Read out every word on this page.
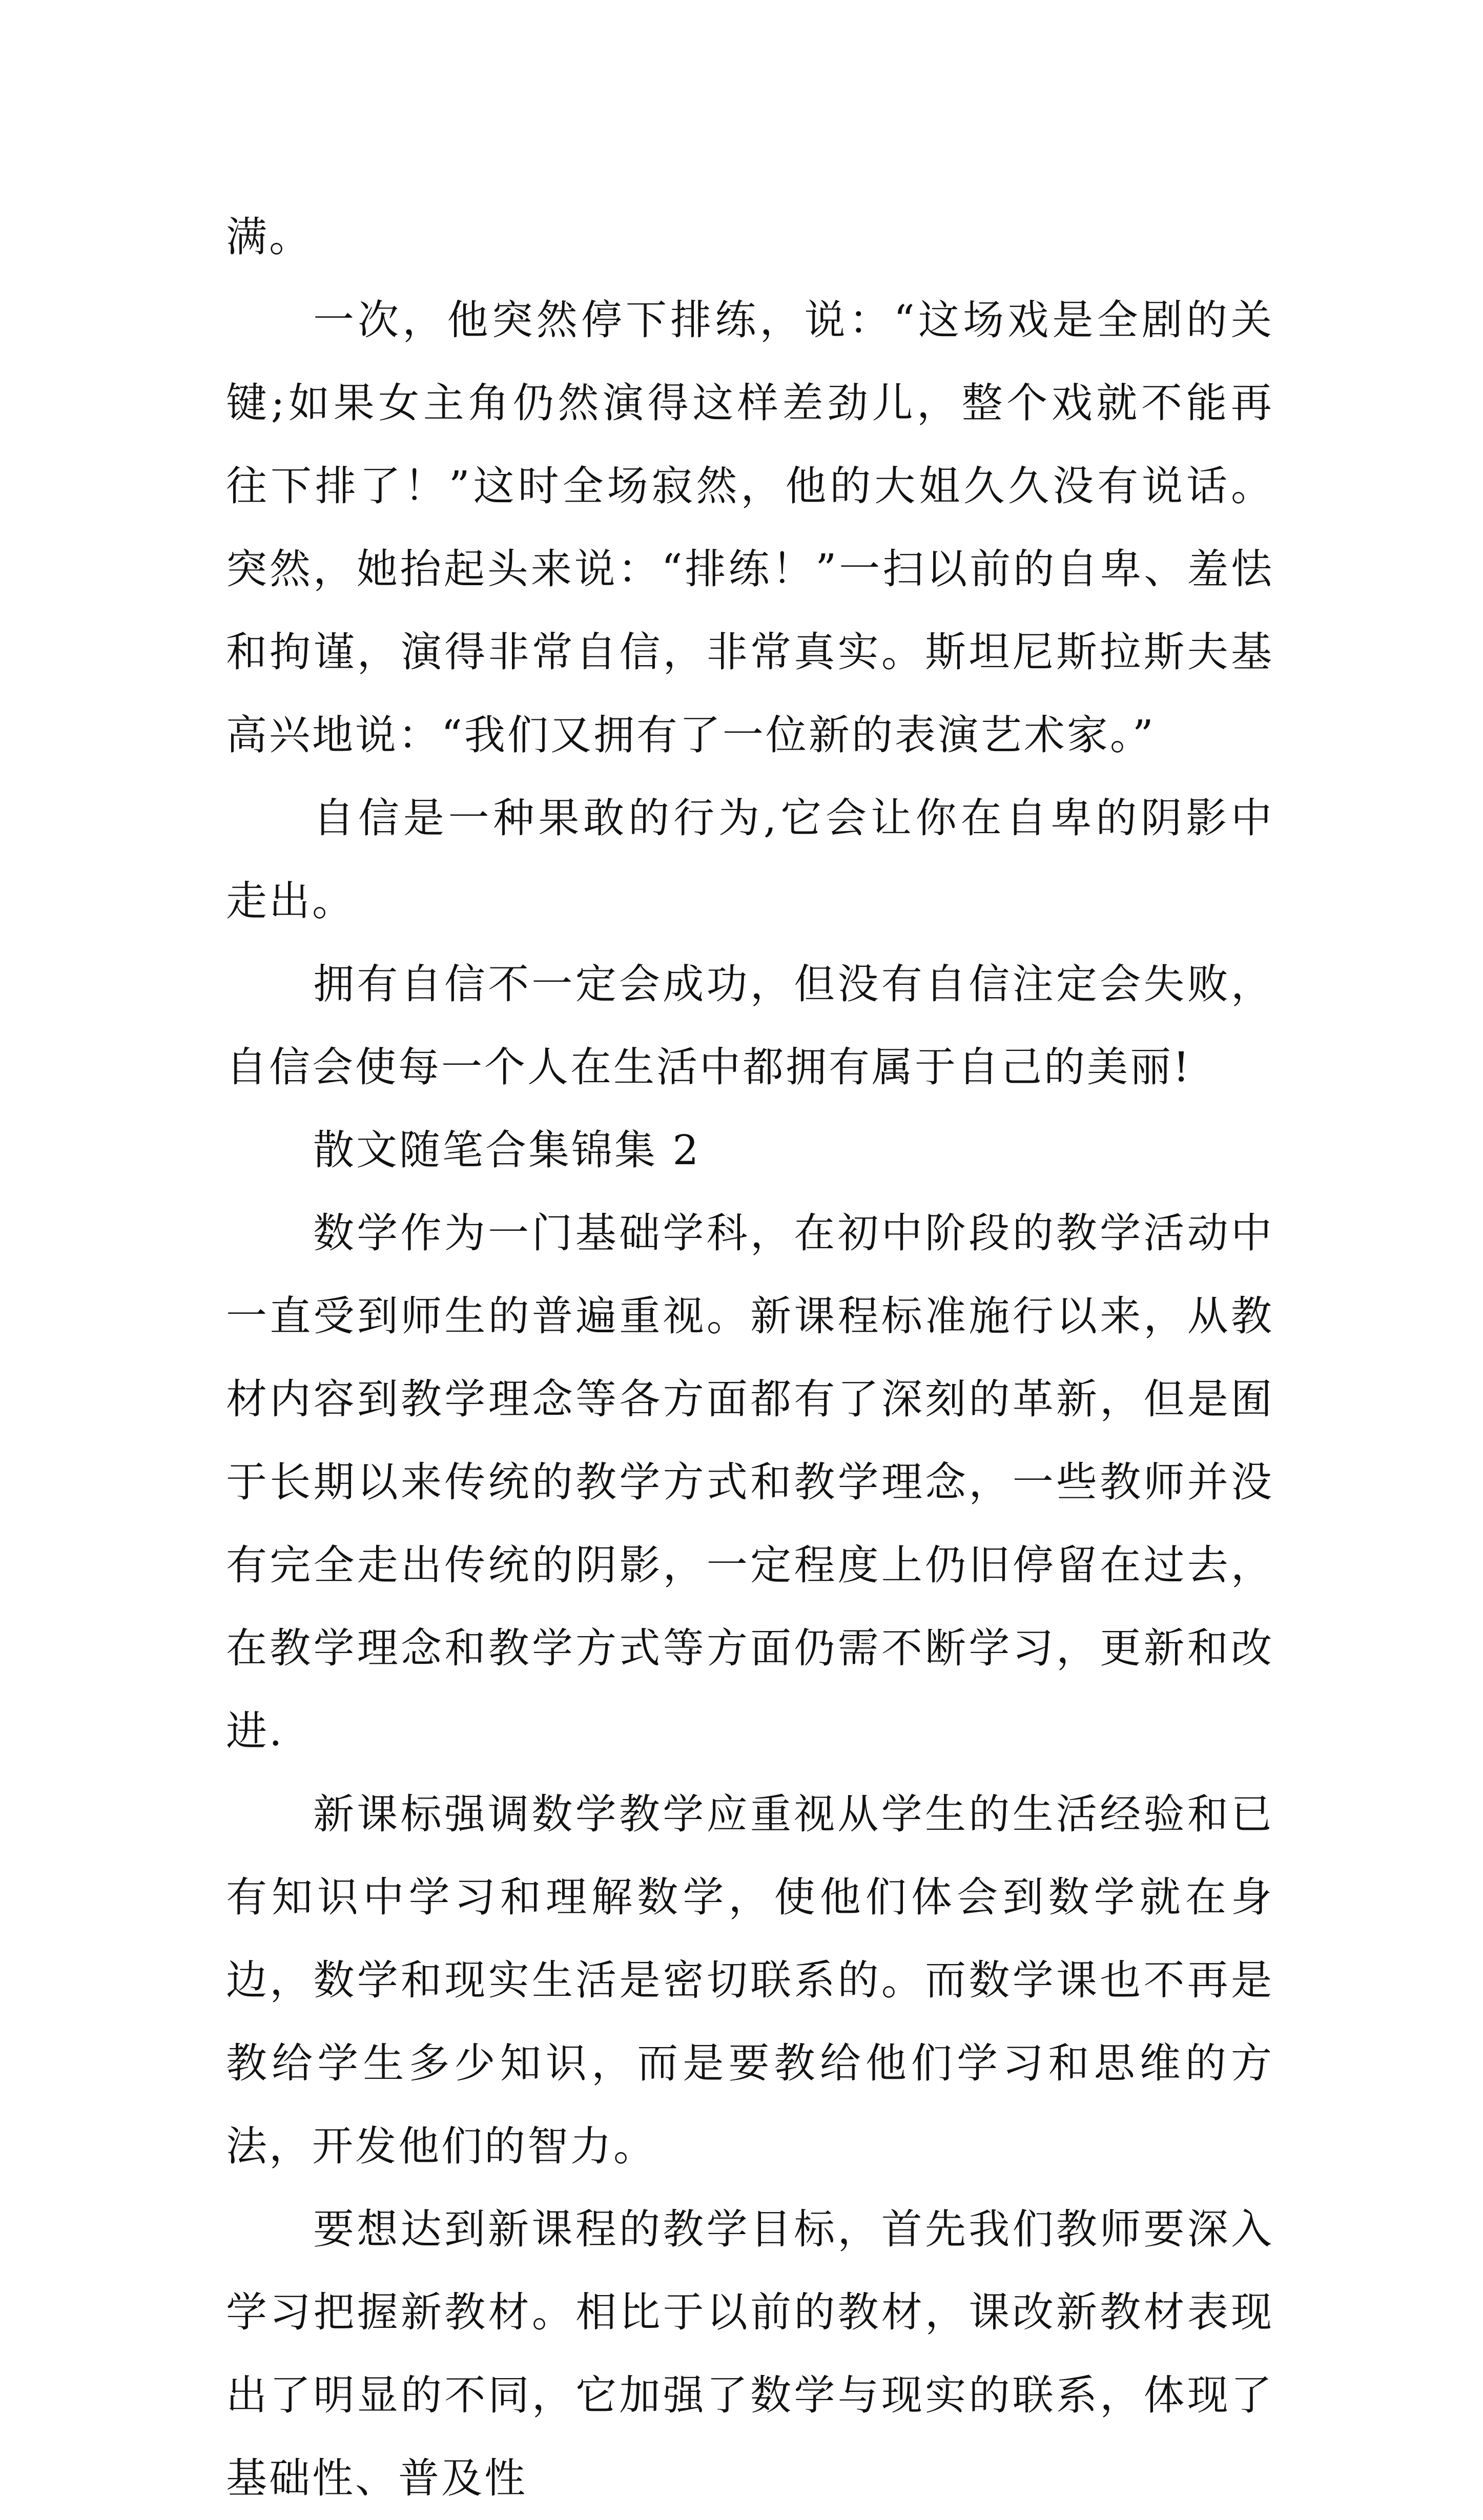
满。

一次，他突然停下排练，说：“这场戏是全剧的关键;如果女主角仍然演得这样差劲儿，整个戏就不能再往下排了！”这时全场寂然，他的大姐久久没有说话。突然，她抬起头来说：“排练！”一扫以前的自卑、羞怯和拘谨，演得非常自信，非常真实。斯坦尼斯拉斯夫基高兴地说：“我们又拥有了一位新的表演艺术家。”

自信是一种果敢的行为,它会让你在自卑的阴影中走出。

拥有自信不一定会成功，但没有自信注定会失败，自信会使每一个人在生活中都拥有属于自己的美丽!

散文随笔合集锦集 2

数学作为一门基础学科，在初中阶段的教学活动中一直受到师生的普遍重视。新课程标准施行以来，从教材内容到教学理念等各方面都有了深刻的革新，但是囿于长期以来传统的教学方式和教学理念，一些教师并没有完全走出传统的阴影，一定程度上仍旧停留在过去，在教学理念和教学方式等方面仍需不断学习，更新和改进.

新课标强调数学教学应重视从学生的生活经验和已有知识中学习和理解数学，使他们体会到数学就在身边，数学和现实生活是密切联系的。而数学课也不再是教给学生多少知识，而是要教给他们学习和思维的方法，开发他们的智力。

要想达到新课程的教学目标，首先我们教师要深入学习把握新教材。相比于以前的教材，课改新教材表现出了明显的不同，它加强了数学与现实的联系，体现了基础性、普及性
